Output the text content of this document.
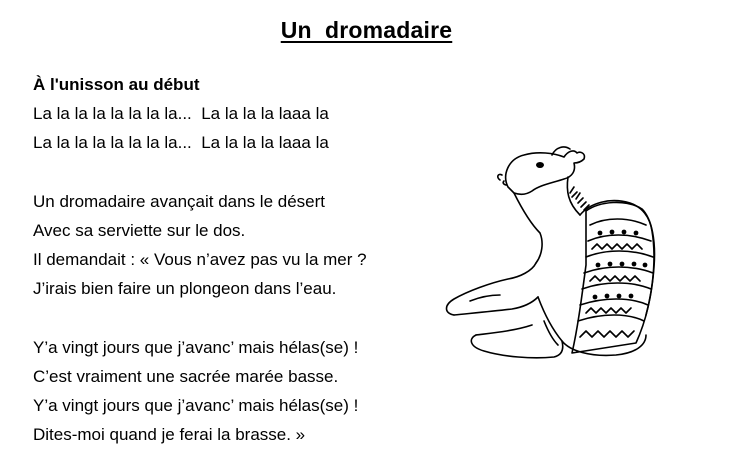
Un  dromadaire
À l'unisson au début
La la la la la la la la...  La la la la laaa la
La la la la la la la la...  La la la la laaa la
Un dromadaire avançait dans le désert
Avec sa serviette sur le dos.
Il demandait : « Vous n’avez pas vu la mer ?
J’irais bien faire un plongeon dans l’eau.
Y’a vingt jours que j’avanc’ mais hélas(se) !
C’est vraiment une sacrée marée basse.
Y’a vingt jours que j’avanc’ mais hélas(se) !
Dites-moi quand je ferai la brasse. »
